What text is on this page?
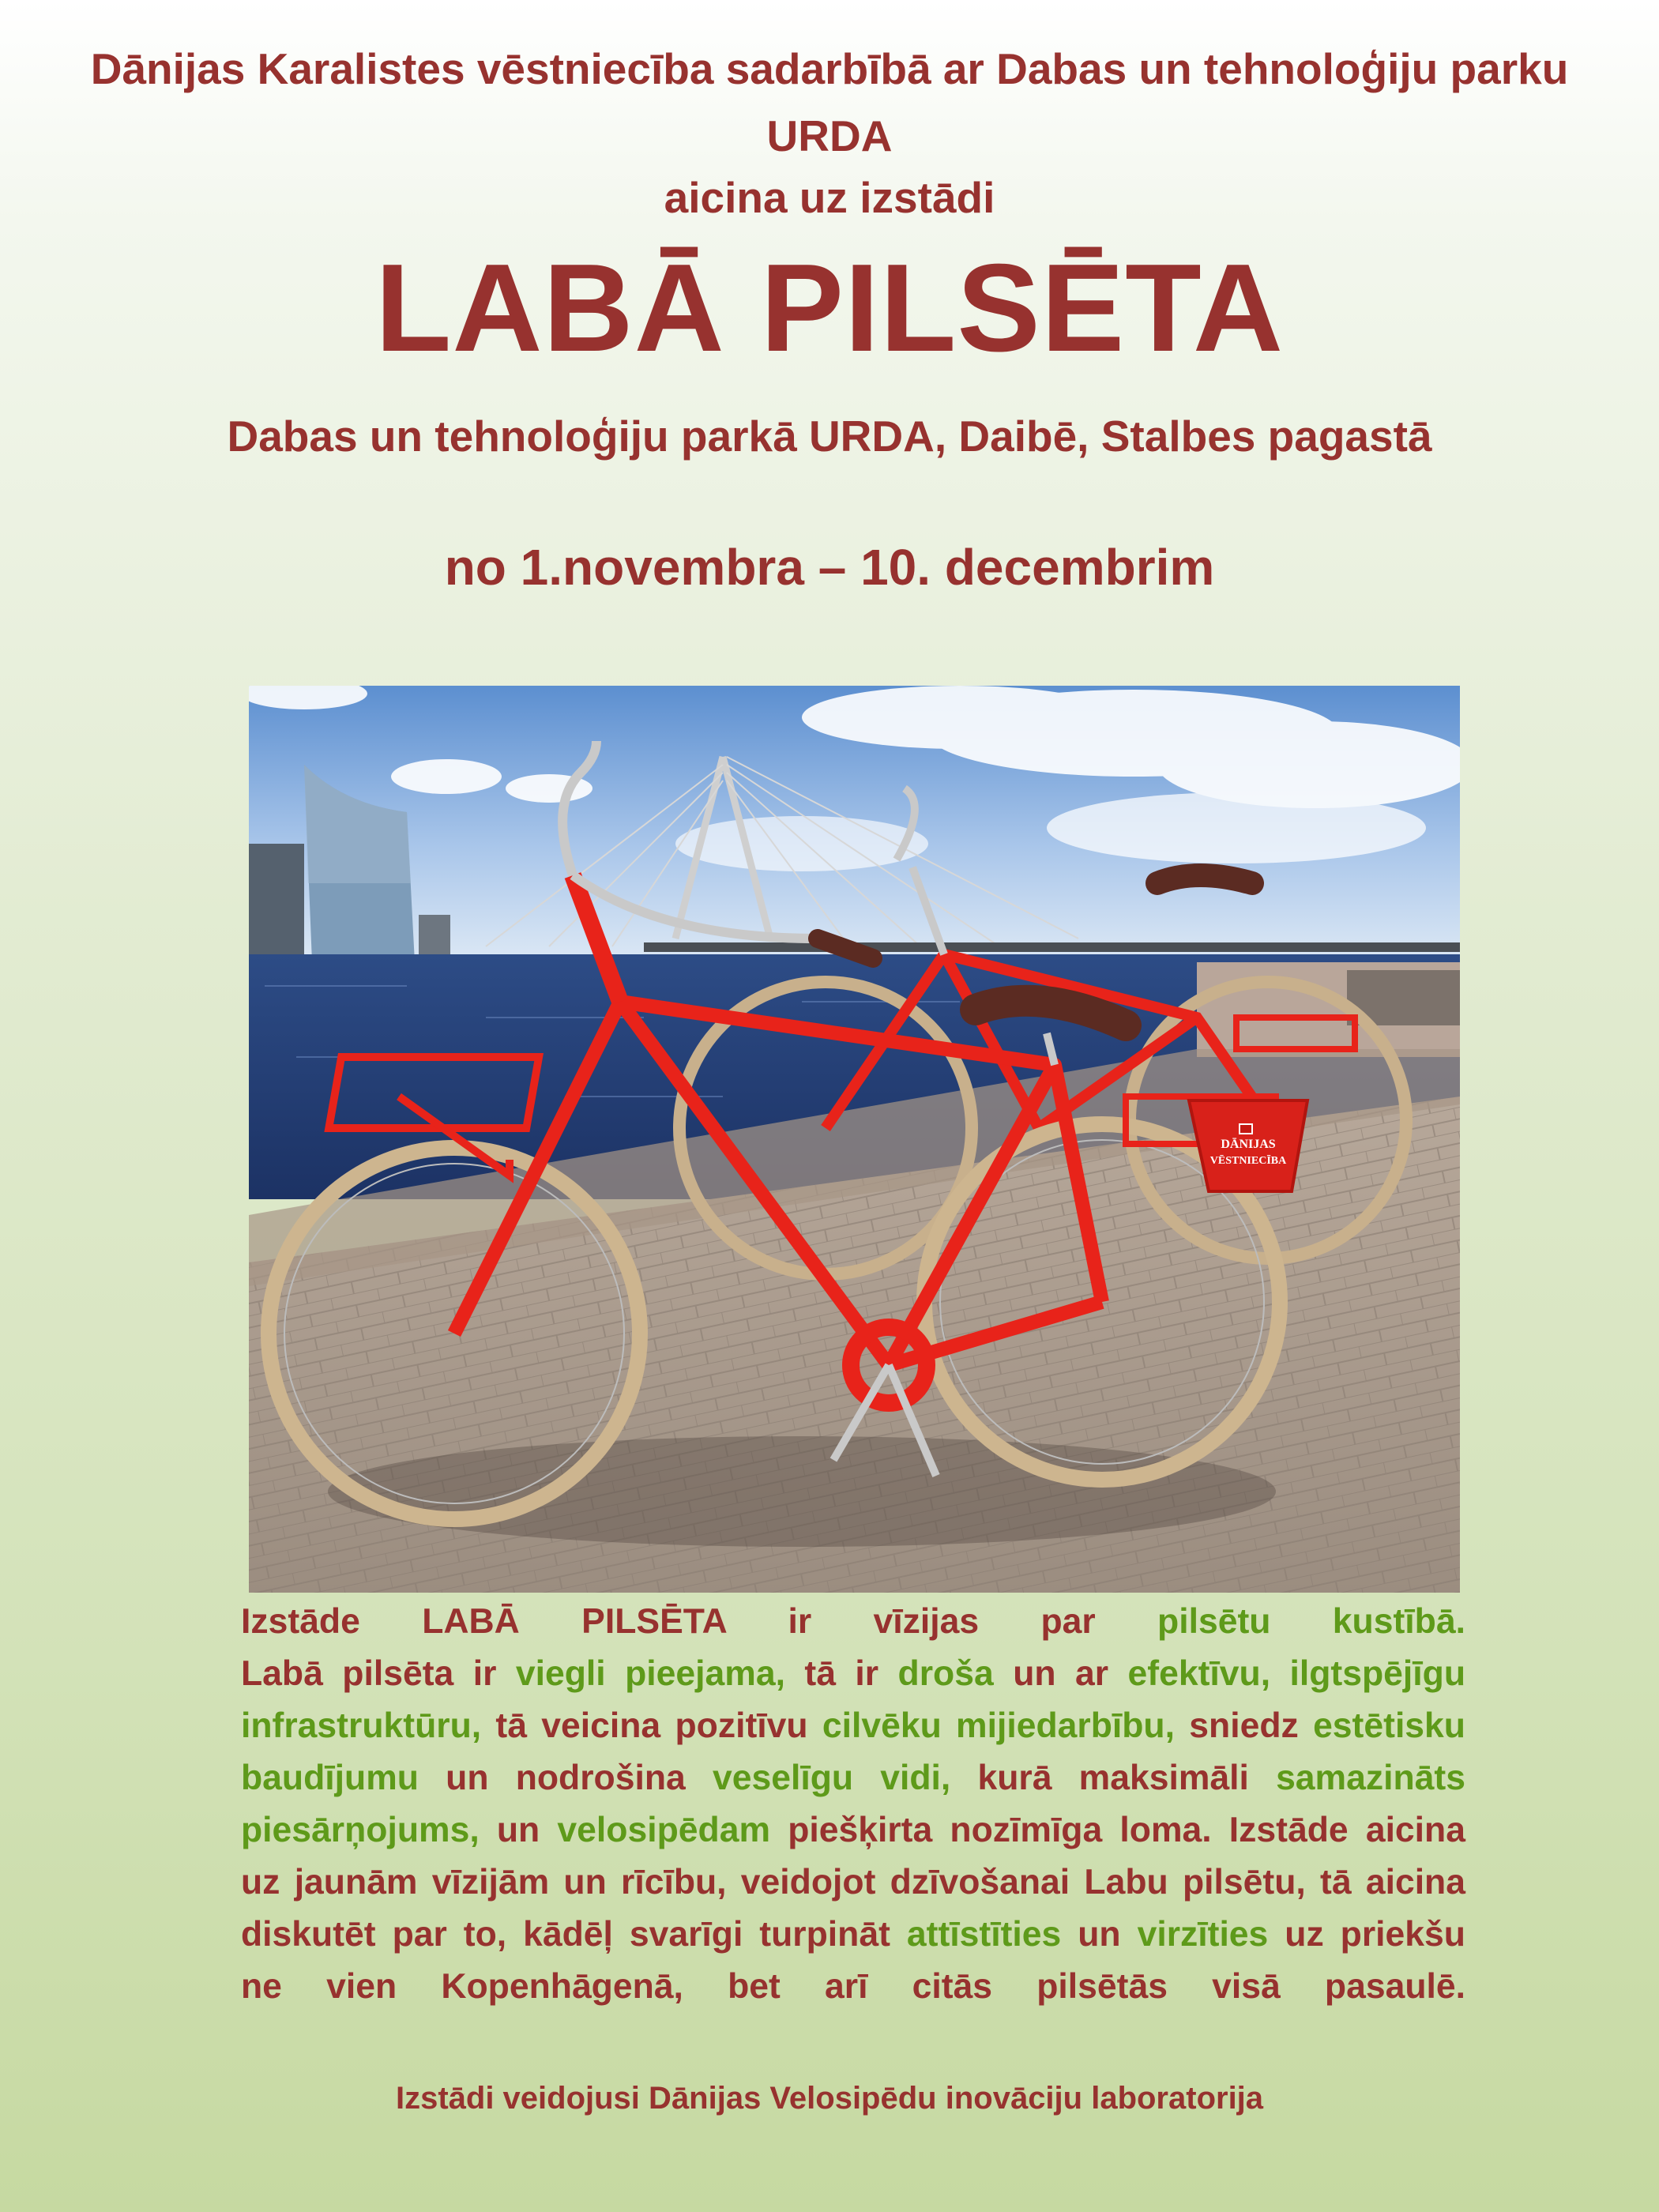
Dānijas Karalistes vēstniecība sadarbībā ar Dabas un tehnoloģiju parku

URDA

aicina uz izstādi

LABĀ PILSĒTA

Dabas un tehnoloģiju parkā URDA, Daibē, Stalbes pagastā

no 1.novembra – 10. decembrim

DĀNIJAS
VĒSTNIECĪBA
Izstāde LABĀ PILSĒTA ir vīzijas par pilsētu kustībā.
Labā pilsēta ir viegli pieejama, tā ir droša un ar efektīvu, ilgtspējīgu
infrastruktūru, tā veicina pozitīvu cilvēku mijiedarbību, sniedz estētisku
baudījumu un nodrošina veselīgu vidi, kurā maksimāli samazināts
piesārņojums, un velosipēdam piešķirta nozīmīga loma. Izstāde aicina
uz jaunām vīzijām un rīcību, veidojot dzīvošanai Labu pilsētu, tā aicina
diskutēt par to, kādēļ svarīgi turpināt attīstīties un virzīties uz priekšu
ne vien Kopenhāgenā, bet arī citās pilsētās visā pasaulē.

Izstādi veidojusi Dānijas Velosipēdu inovāciju laboratorija
